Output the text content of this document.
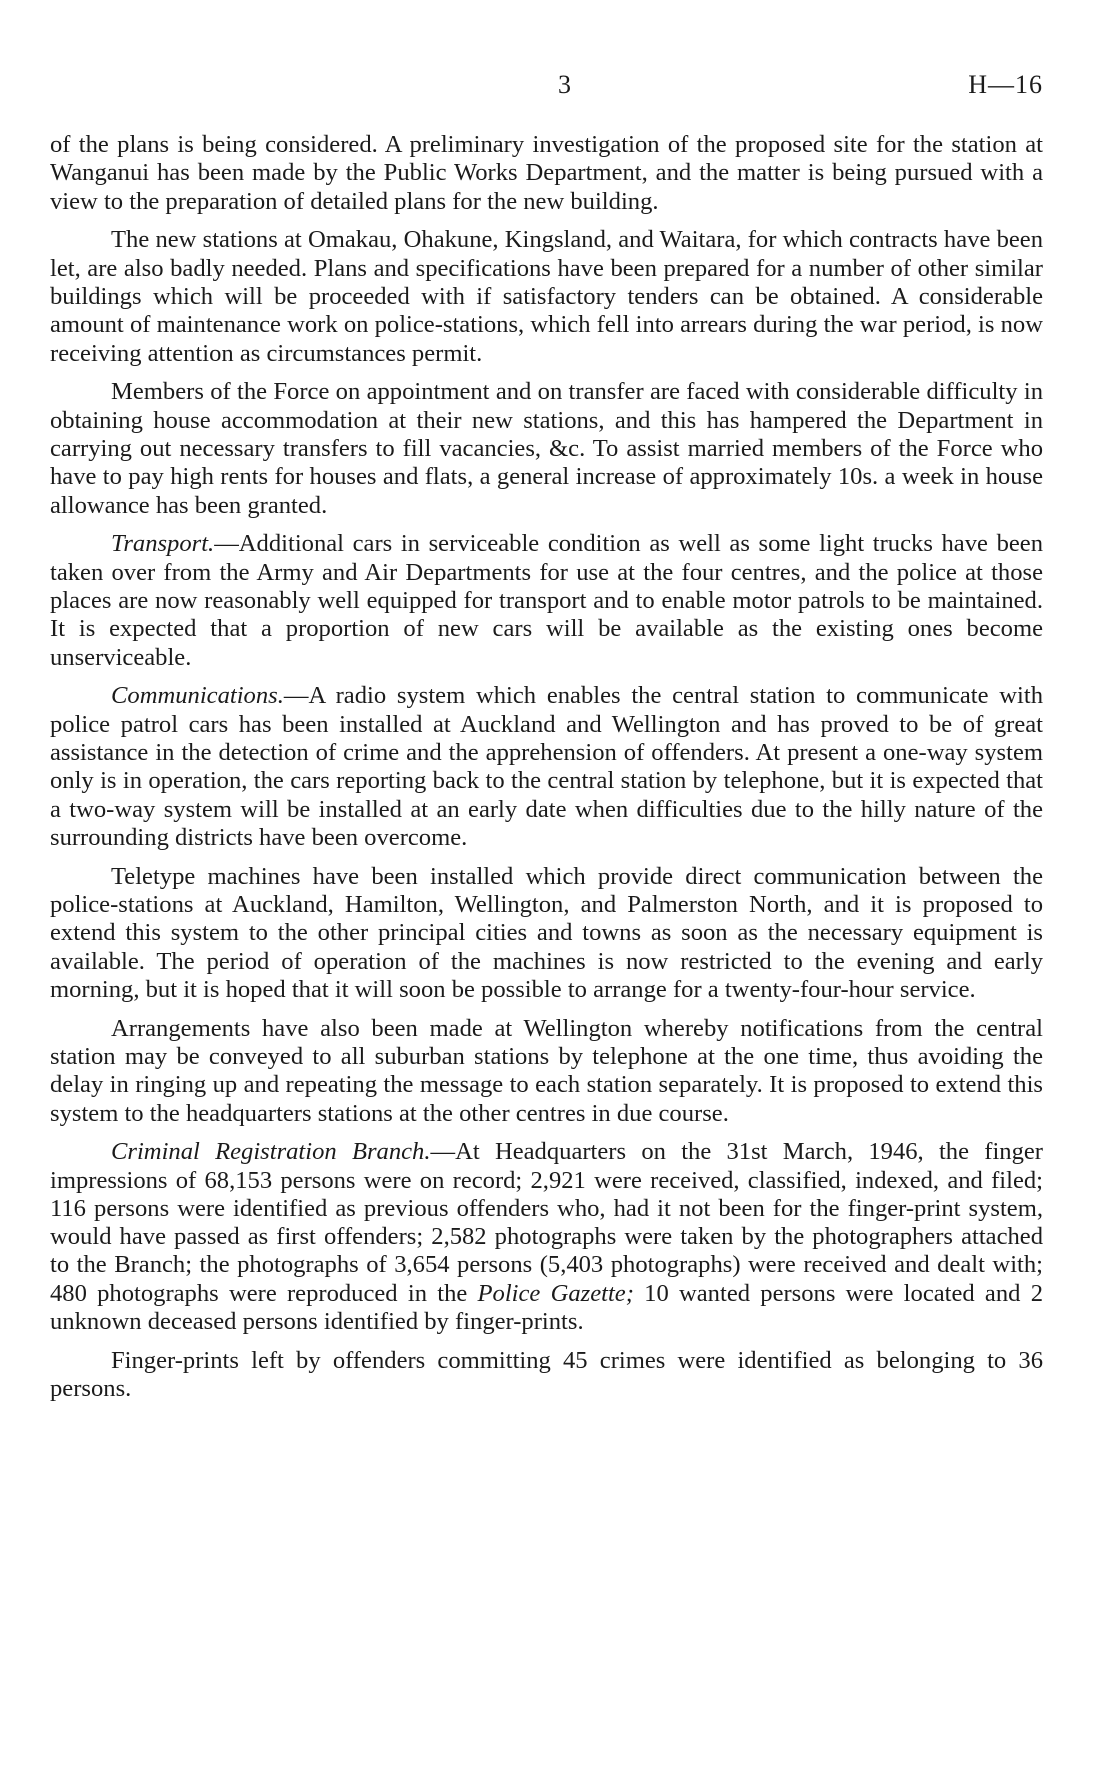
3	H—16

of the plans is being considered. A preliminary investigation of the proposed site for the station at Wanganui has been made by the Public Works Department, and the matter is being pursued with a view to the preparation of detailed plans for the new building.

The new stations at Omakau, Ohakune, Kingsland, and Waitara, for which contracts have been let, are also badly needed. Plans and specifications have been prepared for a number of other similar buildings which will be proceeded with if satisfactory tenders can be obtained. A considerable amount of maintenance work on police-stations, which fell into arrears during the war period, is now receiving attention as circumstances permit.

Members of the Force on appointment and on transfer are faced with considerable difficulty in obtaining house accommodation at their new stations, and this has hampered the Department in carrying out necessary transfers to fill vacancies, &c. To assist married members of the Force who have to pay high rents for houses and flats, a general increase of approximately 10s. a week in house allowance has been granted.

Transport.—Additional cars in serviceable condition as well as some light trucks have been taken over from the Army and Air Departments for use at the four centres, and the police at those places are now reasonably well equipped for transport and to enable motor patrols to be maintained. It is expected that a proportion of new cars will be available as the existing ones become unserviceable.

Communications.—A radio system which enables the central station to communicate with police patrol cars has been installed at Auckland and Wellington and has proved to be of great assistance in the detection of crime and the apprehension of offenders. At present a one-way system only is in operation, the cars reporting back to the central station by telephone, but it is expected that a two-way system will be installed at an early date when difficulties due to the hilly nature of the surrounding districts have been overcome.

Teletype machines have been installed which provide direct communication between the police-stations at Auckland, Hamilton, Wellington, and Palmerston North, and it is proposed to extend this system to the other principal cities and towns as soon as the necessary equipment is available. The period of operation of the machines is now restricted to the evening and early morning, but it is hoped that it will soon be possible to arrange for a twenty-four-hour service.

Arrangements have also been made at Wellington whereby notifications from the central station may be conveyed to all suburban stations by telephone at the one time, thus avoiding the delay in ringing up and repeating the message to each station separately. It is proposed to extend this system to the headquarters stations at the other centres in due course.

Criminal Registration Branch.—At Headquarters on the 31st March, 1946, the finger impressions of 68,153 persons were on record; 2,921 were received, classified, indexed, and filed; 116 persons were identified as previous offenders who, had it not been for the finger-print system, would have passed as first offenders; 2,582 photographs were taken by the photographers attached to the Branch; the photographs of 3,654 persons (5,403 photographs) were received and dealt with; 480 photographs were reproduced in the Police Gazette; 10 wanted persons were located and 2 unknown deceased persons identified by finger-prints.

Finger-prints left by offenders committing 45 crimes were identified as belonging to 36 persons.
